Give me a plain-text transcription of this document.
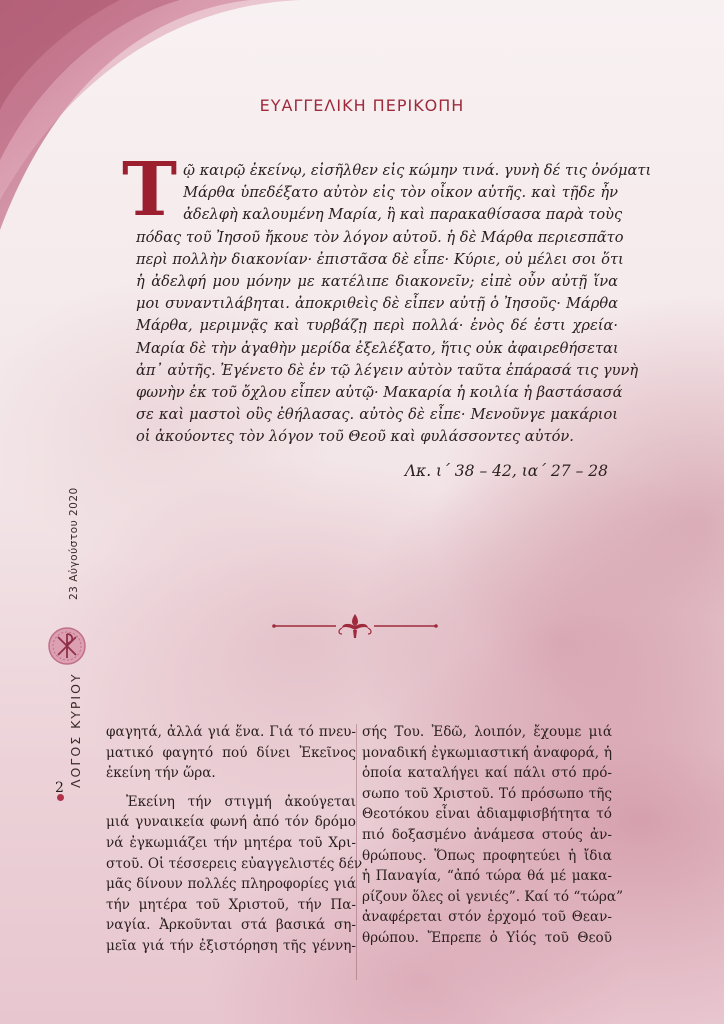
ΕΥΑΓΓΕΛΙΚΗ ΠΕΡΙΚΟΠΗ
Τ ῷ καιρῷ ἐκείνῳ, εἰσῆλθεν εἰς κώμην τινά. γυνὴ δέ τις ὀνόματι
Μάρθα ὑπεδέξατο αὐτὸν εἰς τὸν οἶκον αὐτῆς. καὶ τῇδε ἦν
ἀδελφὴ καλουμένη Μαρία, ἣ καὶ παρακαθίσασα παρὰ τοὺς
πόδας τοῦ Ἰησοῦ ἤκουε τὸν λόγον αὐτοῦ. ἡ δὲ Μάρθα περιεσπᾶτο
περὶ πολλὴν διακονίαν· ἐπιστᾶσα δὲ εἶπε· Κύριε, οὐ μέλει σοι ὅτι
ἡ ἀδελφή μου μόνην με κατέλιπε διακονεῖν; εἰπὲ οὖν αὐτῇ ἵνα
μοι συναντιλάβηται. ἀποκριθεὶς δὲ εἶπεν αὐτῇ ὁ Ἰησοῦς· Μάρθα
Μάρθα, μεριμνᾷς καὶ τυρβάζῃ περὶ πολλά· ἑνὸς δέ ἐστι χρεία·
Μαρία δὲ τὴν ἀγαθὴν μερίδα ἐξελέξατο, ἥτις οὐκ ἀφαιρεθήσεται
ἀπ᾽ αὐτῆς. Ἐγένετο δὲ ἐν τῷ λέγειν αὐτὸν ταῦτα ἐπάρασά τις γυνὴ
φωνὴν ἐκ τοῦ ὄχλου εἶπεν αὐτῷ· Μακαρία ἡ κοιλία ἡ βαστάσασά
σε καὶ μαστοὶ οὓς ἐθήλασας. αὐτὸς δὲ εἶπε· Μενοῦνγε μακάριοι
οἱ ἀκούοντες τὸν λόγον τοῦ Θεοῦ καὶ φυλάσσοντες αὐτόν.
Λκ. ι´ 38 – 42, ια´ 27 – 28
23 Αὐγούστου 2020
ΛΟΓΟΣ ΚΥΡΙΟΥ
2
φαγητά, ἀλλά γιά ἕνα. Γιά τό πνευ-
ματικό φαγητό πού δίνει Ἐκεῖνος
ἐκείνη τήν ὥρα.
Ἐκείνη τήν στιγμή ἀκούγεται
μιά γυναικεία φωνή ἀπό τόν δρόμο
νά ἐγκωμιάζει τήν μητέρα τοῦ Χρι-
στοῦ. Οἱ τέσσερεις εὐαγγελιστές δέν
μᾶς δίνουν πολλές πληροφορίες γιά
τήν μητέρα τοῦ Χριστοῦ, τήν Πα-
ναγία. Ἀρκοῦνται στά βασικά ση-
μεῖα γιά τήν ἐξιστόρηση τῆς γέννη-
σής Του. Ἐδῶ, λοιπόν, ἔχουμε μιά
μοναδική ἐγκωμιαστική ἀναφορά, ἡ
ὁποία καταλήγει καί πάλι στό πρό-
σωπο τοῦ Χριστοῦ. Τό πρόσωπο τῆς
Θεοτόκου εἶναι ἀδιαμφισβήτητα τό
πιό δοξασμένο ἀνάμεσα στούς ἀν-
θρώπους. Ὅπως προφητεύει ἡ ἴδια
ἡ Παναγία, “ἀπό τώρα θά μέ μακα-
ρίζουν ὅλες οἱ γενιές”. Καί τό “τώρα”
ἀναφέρεται στόν ἐρχομό τοῦ Θεαν-
θρώπου. Ἔπρεπε ὁ Υἱός τοῦ Θεοῦ
